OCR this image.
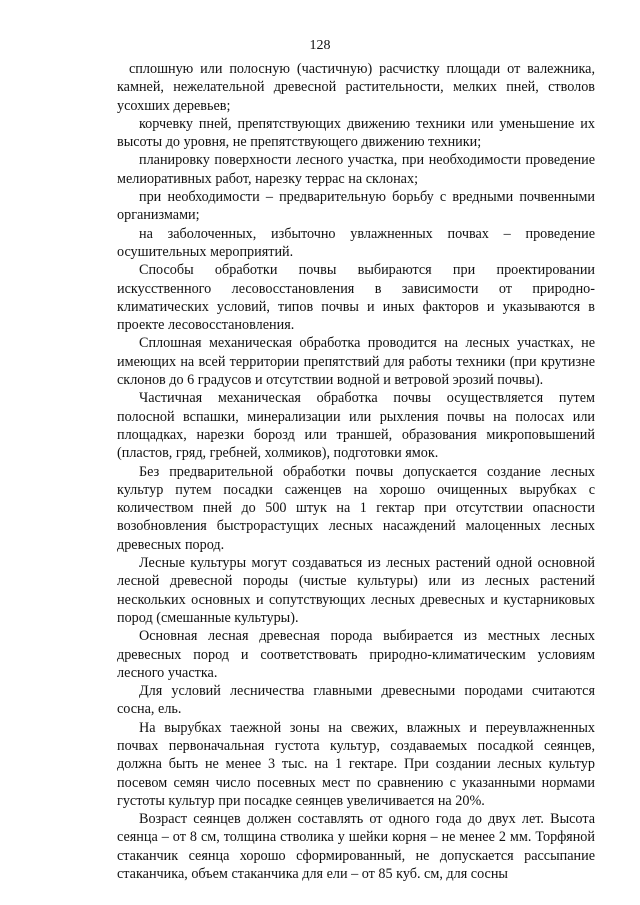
128

сплошную или полосную (частичную) расчистку площади от валежника, камней, нежелательной древесной растительности, мелких пней, стволов усохших деревьев;

корчевку пней, препятствующих движению техники или уменьшение их высоты до уровня, не препятствующего движению техники;

планировку поверхности лесного участка, при необходимости проведение мелиоративных работ, нарезку террас на склонах;

при необходимости – предварительную борьбу с вредными почвенными организмами;

на заболоченных, избыточно увлажненных почвах – проведение осушительных мероприятий.

Способы обработки почвы выбираются при проектировании искусственного лесовосстановления в зависимости от природно-климатических условий, типов почвы и иных факторов и указываются в проекте лесовосстановления.

Сплошная механическая обработка проводится на лесных участках, не имеющих на всей территории препятствий для работы техники (при крутизне склонов до 6 градусов и отсутствии водной и ветровой эрозий почвы).

Частичная механическая обработка почвы осуществляется путем полосной вспашки, минерализации или рыхления почвы на полосах или площадках, нарезки борозд или траншей, образования микроповышений (пластов, гряд, гребней, холмиков), подготовки ямок.

Без предварительной обработки почвы допускается создание лесных культур путем посадки саженцев на хорошо очищенных вырубках с количеством пней до 500 штук на 1 гектар при отсутствии опасности возобновления быстрорастущих лесных насаждений малоценных лесных древесных пород.

Лесные культуры могут создаваться из лесных растений одной основной лесной древесной породы (чистые культуры) или из лесных растений нескольких основных и сопутствующих лесных древесных и кустарниковых пород (смешанные культуры).

Основная лесная древесная порода выбирается из местных лесных древесных пород и соответствовать природно-климатическим условиям лесного участка.

Для условий лесничества главными древесными породами считаются сосна, ель.

На вырубках таежной зоны на свежих, влажных и переувлажненных почвах первоначальная густота культур, создаваемых посадкой сеянцев, должна быть не менее 3 тыс. на 1 гектаре. При создании лесных культур посевом семян число посевных мест по сравнению с указанными нормами густоты культур при посадке сеянцев увеличивается на 20%.

Возраст сеянцев должен составлять от одного года до двух лет. Высота сеянца – от 8 см, толщина стволика у шейки корня – не менее 2 мм. Торфяной стаканчик сеянца хорошо сформированный, не допускается рассыпание стаканчика, объем стаканчика для ели – от 85 куб. см, для сосны
